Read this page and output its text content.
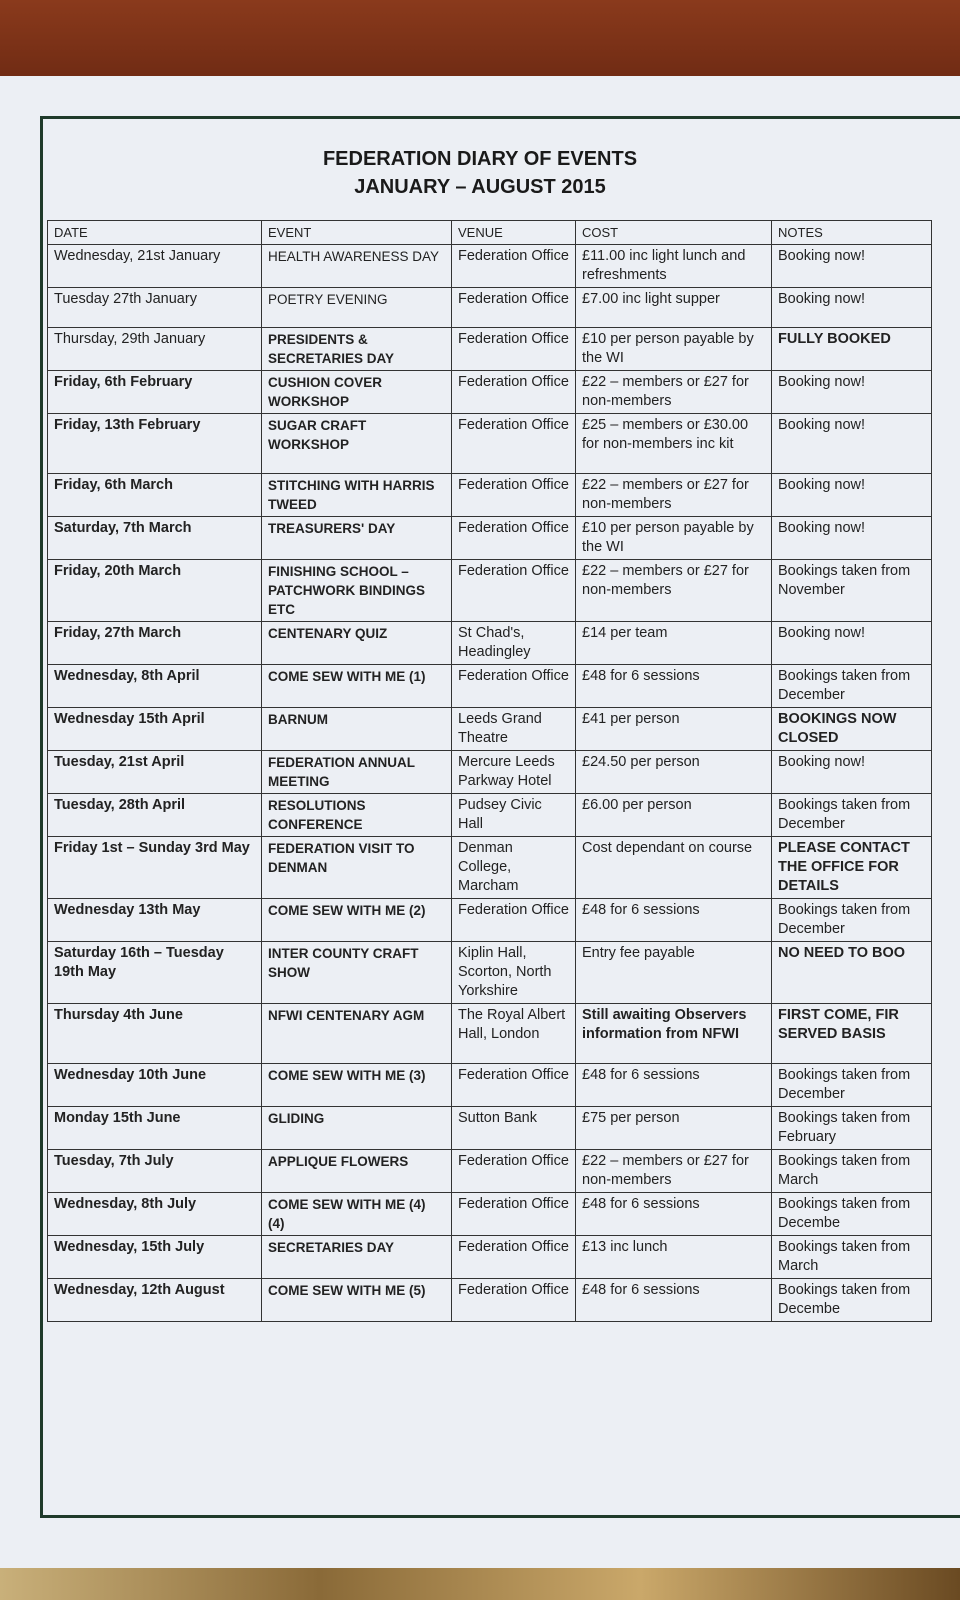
FEDERATION DIARY OF EVENTS
JANUARY – AUGUST 2015
DATE	EVENT	VENUE	COST	NOTES
Wednesday, 21st January	HEALTH AWARENESS DAY	Federation Office	£11.00 inc light lunch and refreshments	Booking now!
Tuesday 27th January	POETRY EVENING	Federation Office	£7.00 inc light supper	Booking now!
Thursday, 29th January	PRESIDENTS & SECRETARIES DAY	Federation Office	£10 per person payable by the WI	FULLY BOOKED
Friday, 6th February	CUSHION COVER WORKSHOP	Federation Office	£22 – members or £27 for non-members	Booking now!
Friday, 13th February	SUGAR CRAFT WORKSHOP	Federation Office	£25 – members or £30.00 for non-members inc kit	Booking now!
Friday, 6th March	STITCHING WITH HARRIS TWEED	Federation Office	£22 – members or £27 for non-members	Booking now!
Saturday, 7th March	TREASURERS' DAY	Federation Office	£10 per person payable by the WI	Booking now!
Friday, 20th March	FINISHING SCHOOL – PATCHWORK BINDINGS ETC	Federation Office	£22 – members or £27 for non-members	Bookings taken from November
Friday, 27th March	CENTENARY QUIZ	St Chad's, Headingley	£14 per team	Booking now!
Wednesday, 8th April	COME SEW WITH ME (1)	Federation Office	£48 for 6 sessions	Bookings taken from December
Wednesday 15th April	BARNUM	Leeds Grand Theatre	£41 per person	BOOKINGS NOW CLOSED
Tuesday, 21st April	FEDERATION ANNUAL MEETING	Mercure Leeds Parkway Hotel	£24.50 per person	Booking now!
Tuesday, 28th April	RESOLUTIONS CONFERENCE	Pudsey Civic Hall	£6.00 per person	Bookings taken from December
Friday 1st – Sunday 3rd May	FEDERATION VISIT TO DENMAN	Denman College, Marcham	Cost dependant on course	PLEASE CONTACT THE OFFICE FOR DETAILS
Wednesday 13th May	COME SEW WITH ME (2)	Federation Office	£48 for 6 sessions	Bookings taken from December
Saturday 16th – Tuesday 19th May	INTER COUNTY CRAFT SHOW	Kiplin Hall, Scorton, North Yorkshire	Entry fee payable	NO NEED TO BOO
Thursday 4th June	NFWI CENTENARY AGM	The Royal Albert Hall, London	Still awaiting Observers information from NFWI	FIRST COME, FIR SERVED BASIS
Wednesday 10th June	COME SEW WITH ME (3)	Federation Office	£48 for 6 sessions	Bookings taken from December
Monday 15th June	GLIDING	Sutton Bank	£75 per person	Bookings taken from February
Tuesday, 7th July	APPLIQUE FLOWERS	Federation Office	£22 – members or £27 for non-members	Bookings taken from March
Wednesday, 8th July	COME SEW WITH ME (4) (4)	Federation Office	£48 for 6 sessions	Bookings taken from Decembe
Wednesday, 15th July	SECRETARIES DAY	Federation Office	£13 inc lunch	Bookings taken from March
Wednesday, 12th August	COME SEW WITH ME (5)	Federation Office	£48 for 6 sessions	Bookings taken from Decembe
